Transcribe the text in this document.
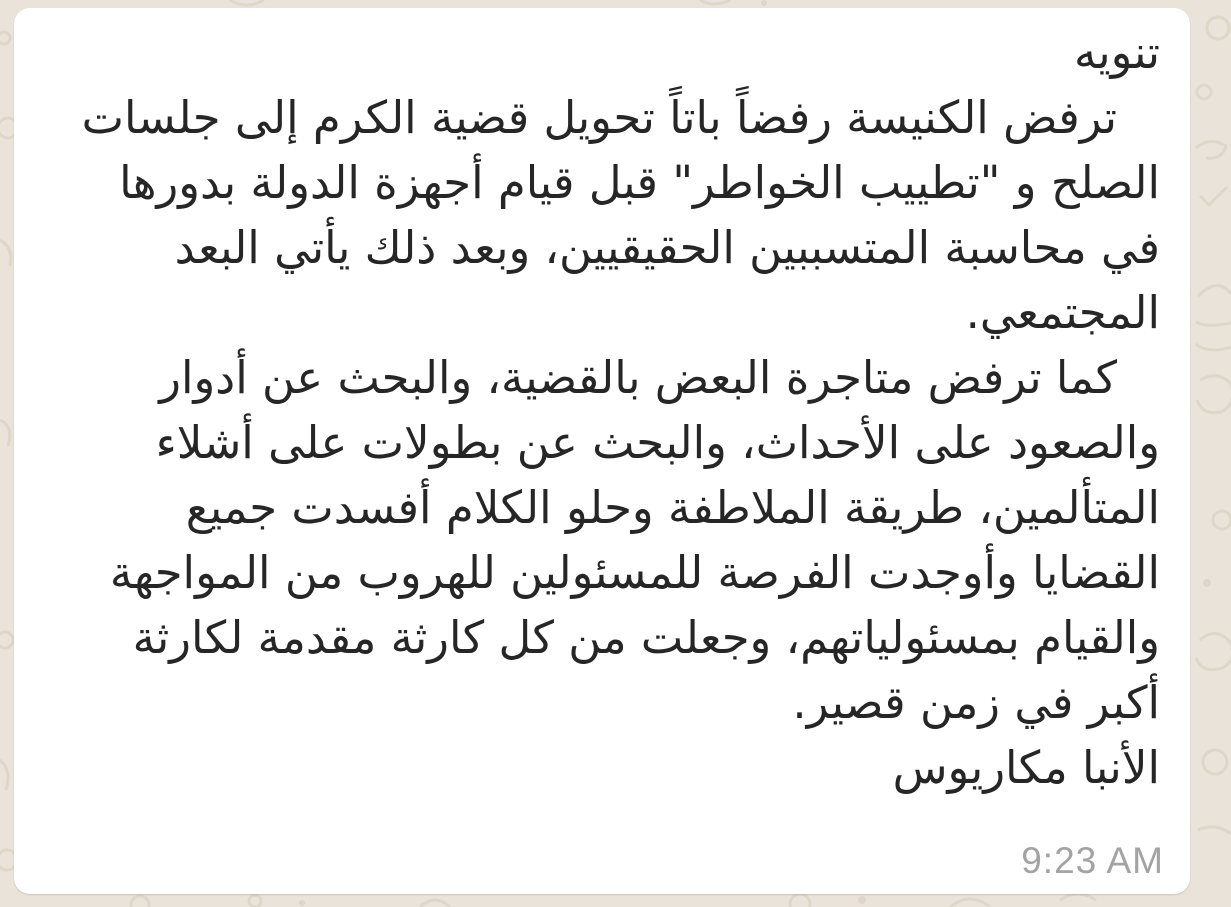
تنويه
ترفض الكنيسة رفضاً باتاً تحويل قضية الكرم إلى جلسات
الصلح و "تطييب الخواطر" قبل قيام أجهزة الدولة بدورها
في محاسبة المتسببين الحقيقيين، وبعد ذلك يأتي البعد
المجتمعي.
كما ترفض متاجرة البعض بالقضية، والبحث عن أدوار
والصعود على الأحداث، والبحث عن بطولات على أشلاء
المتألمين، طريقة الملاطفة وحلو الكلام أفسدت جميع
القضايا وأوجدت الفرصة للمسئولين للهروب من المواجهة
والقيام بمسئولياتهم، وجعلت من كل كارثة مقدمة لكارثة
أكبر في زمن قصير.
الأنبا مكاريوس
9:23 AM
